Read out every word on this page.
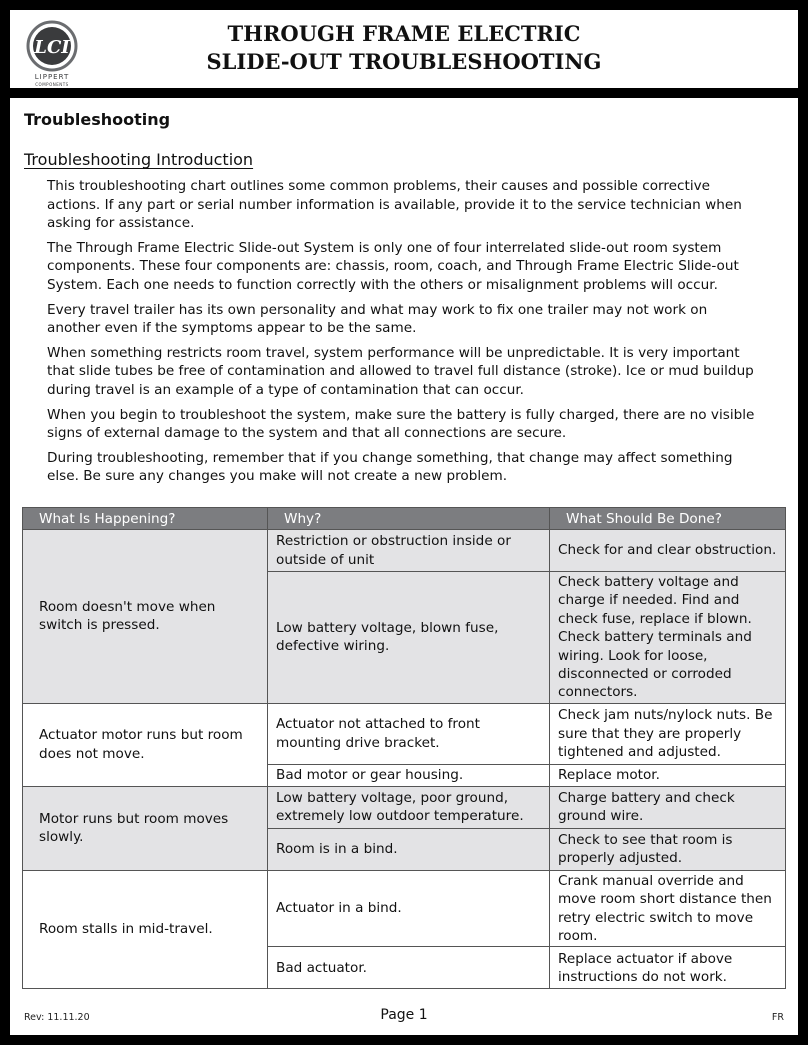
LCI
LIPPERT
COMPONENTS
THROUGH FRAME ELECTRIC
SLIDE-OUT TROUBLESHOOTING
Troubleshooting
Troubleshooting Introduction

This troubleshooting chart outlines some common problems, their causes and possible corrective actions. If any part or serial number information is available, provide it to the service technician when asking for assistance.

The Through Frame Electric Slide-out System is only one of four interrelated slide-out room system components. These four components are: chassis, room, coach, and Through Frame Electric Slide-out System. Each one needs to function correctly with the others or misalignment problems will occur.

Every travel trailer has its own personality and what may work to fix one trailer may not work on another even if the symptoms appear to be the same.

When something restricts room travel, system performance will be unpredictable. It is very important that slide tubes be free of contamination and allowed to travel full distance (stroke). Ice or mud buildup during travel is an example of a type of contamination that can occur.

When you begin to troubleshoot the system, make sure the battery is fully charged, there are no visible signs of external damage to the system and that all connections are secure.

During troubleshooting, remember that if you change something, that change may affect something else. Be sure any changes you make will not create a new problem.

What Is Happening?	Why?	What Should Be Done?
Room doesn't move when switch is pressed.	Restriction or obstruction inside or outside of unit	Check for and clear obstruction.
	Low battery voltage, blown fuse, defective wiring.	Check battery voltage and charge if needed. Find and check fuse, replace if blown. Check battery terminals and wiring. Look for loose, disconnected or corroded connectors.
Actuator motor runs but room does not move.	Actuator not attached to front mounting drive bracket.	Check jam nuts/nylock nuts. Be sure that they are properly tightened and adjusted.
	Bad motor or gear housing.	Replace motor.
Motor runs but room moves slowly.	Low battery voltage, poor ground, extremely low outdoor temperature.	Charge battery and check ground wire.
	Room is in a bind.	Check to see that room is properly adjusted.
Room stalls in mid-travel.	Actuator in a bind.	Crank manual override and move room short distance then retry electric switch to move room.
	Bad actuator.	Replace actuator if above instructions do not work.
Rev: 11.11.20	Page 1	FR
